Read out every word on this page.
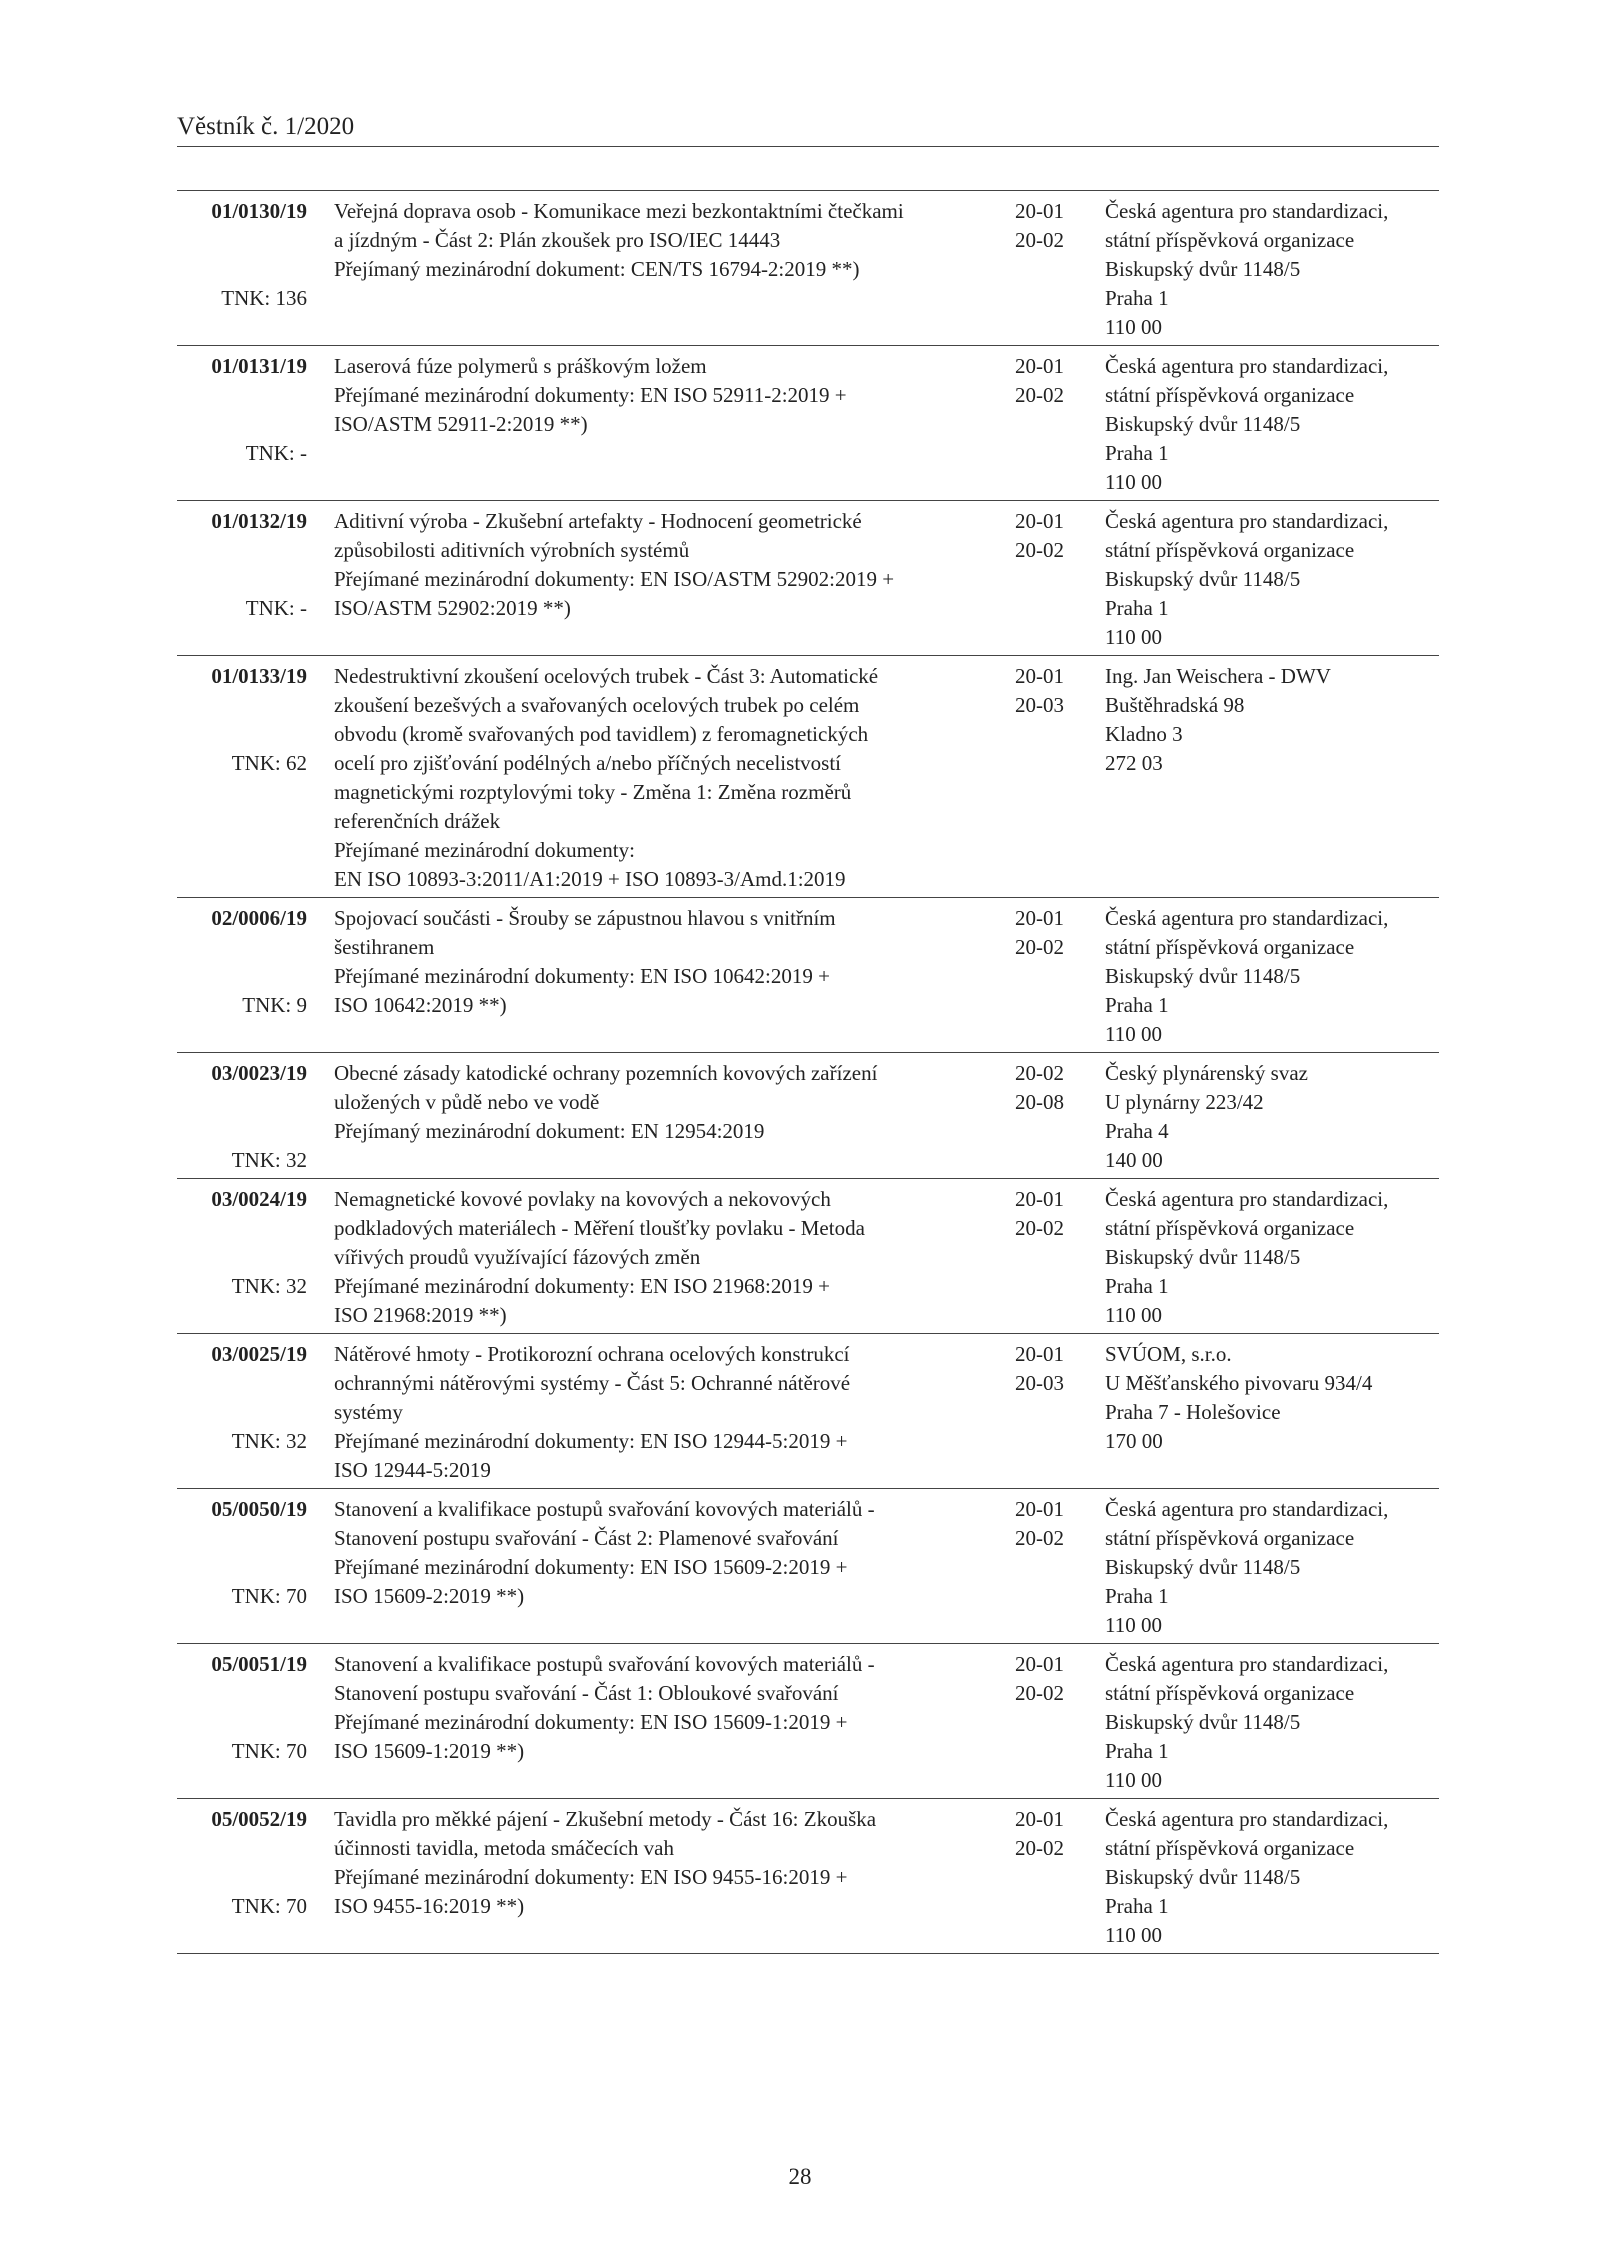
Věstník č. 1/2020
01/0130/19
TNK: 136
Veřejná doprava osob - Komunikace mezi bezkontaktními čtečkami
a jízdným - Část 2: Plán zkoušek pro ISO/IEC 14443
Přejímaný mezinárodní dokument: CEN/TS 16794-2:2019 **)
20-01
20-02
Česká agentura pro standardizaci,
státní příspěvková organizace
Biskupský dvůr 1148/5
Praha 1
110 00
01/0131/19
TNK: -
Laserová fúze polymerů s práškovým ložem
Přejímané mezinárodní dokumenty: EN ISO 52911-2:2019 +
ISO/ASTM 52911-2:2019 **)
20-01
20-02
Česká agentura pro standardizaci,
státní příspěvková organizace
Biskupský dvůr 1148/5
Praha 1
110 00
01/0132/19
TNK: -
Aditivní výroba - Zkušební artefakty - Hodnocení geometrické
způsobilosti aditivních výrobních systémů
Přejímané mezinárodní dokumenty: EN ISO/ASTM 52902:2019 +
ISO/ASTM 52902:2019 **)
20-01
20-02
Česká agentura pro standardizaci,
státní příspěvková organizace
Biskupský dvůr 1148/5
Praha 1
110 00
01/0133/19
TNK: 62
Nedestruktivní zkoušení ocelových trubek - Část 3: Automatické
zkoušení bezešvých a svařovaných ocelových trubek po celém
obvodu (kromě svařovaných pod tavidlem) z feromagnetických
ocelí pro zjišťování podélných a/nebo příčných necelistvostí
magnetickými rozptylovými toky - Změna 1: Změna rozměrů
referenčních drážek
Přejímané mezinárodní dokumenty:
EN ISO 10893-3:2011/A1:2019 + ISO 10893-3/Amd.1:2019
20-01
20-03
Ing. Jan Weischera - DWV
Buštěhradská 98
Kladno 3
272 03
02/0006/19
TNK: 9
Spojovací součásti - Šrouby se zápustnou hlavou s vnitřním
šestihranem
Přejímané mezinárodní dokumenty: EN ISO 10642:2019 +
ISO 10642:2019 **)
20-01
20-02
Česká agentura pro standardizaci,
státní příspěvková organizace
Biskupský dvůr 1148/5
Praha 1
110 00
03/0023/19
TNK: 32
Obecné zásady katodické ochrany pozemních kovových zařízení
uložených v půdě nebo ve vodě
Přejímaný mezinárodní dokument: EN 12954:2019
20-02
20-08
Český plynárenský svaz
U plynárny 223/42
Praha 4
140 00
03/0024/19
TNK: 32
Nemagnetické kovové povlaky na kovových a nekovových
podkladových materiálech - Měření tloušťky povlaku - Metoda
vířivých proudů využívající fázových změn
Přejímané mezinárodní dokumenty: EN ISO 21968:2019 +
ISO 21968:2019 **)
20-01
20-02
Česká agentura pro standardizaci,
státní příspěvková organizace
Biskupský dvůr 1148/5
Praha 1
110 00
03/0025/19
TNK: 32
Nátěrové hmoty - Protikorozní ochrana ocelových konstrukcí
ochrannými nátěrovými systémy - Část 5: Ochranné nátěrové
systémy
Přejímané mezinárodní dokumenty: EN ISO 12944-5:2019 +
ISO 12944-5:2019
20-01
20-03
SVÚOM, s.r.o.
U Měšťanského pivovaru 934/4
Praha 7 - Holešovice
170 00
05/0050/19
TNK: 70
Stanovení a kvalifikace postupů svařování kovových materiálů -
Stanovení postupu svařování - Část 2: Plamenové svařování
Přejímané mezinárodní dokumenty: EN ISO 15609-2:2019 +
ISO 15609-2:2019 **)
20-01
20-02
Česká agentura pro standardizaci,
státní příspěvková organizace
Biskupský dvůr 1148/5
Praha 1
110 00
05/0051/19
TNK: 70
Stanovení a kvalifikace postupů svařování kovových materiálů -
Stanovení postupu svařování - Část 1: Obloukové svařování
Přejímané mezinárodní dokumenty: EN ISO 15609-1:2019 +
ISO 15609-1:2019 **)
20-01
20-02
Česká agentura pro standardizaci,
státní příspěvková organizace
Biskupský dvůr 1148/5
Praha 1
110 00
05/0052/19
TNK: 70
Tavidla pro měkké pájení - Zkušební metody - Část 16: Zkouška
účinnosti tavidla, metoda smáčecích vah
Přejímané mezinárodní dokumenty: EN ISO 9455-16:2019 +
ISO 9455-16:2019 **)
20-01
20-02
Česká agentura pro standardizaci,
státní příspěvková organizace
Biskupský dvůr 1148/5
Praha 1
110 00
28
